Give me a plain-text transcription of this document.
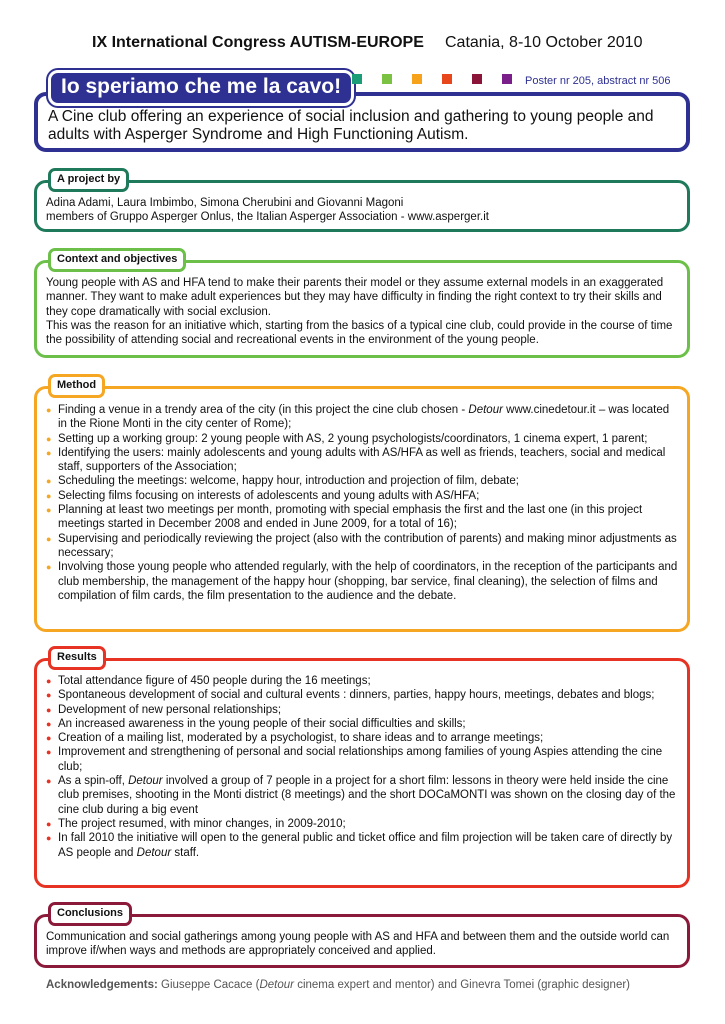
IX International Congress AUTISM-EUROPE Catania, 8-10 October 2010
Io speriamo che me la cavo!	Poster nr 205, abstract nr 506
A Cine club offering an experience of social inclusion and gathering to young people and adults with Asperger Syndrome and High Functioning Autism.
A project by
Adina Adami, Laura Imbimbo, Simona Cherubini and Giovanni Magoni
members of Gruppo Asperger Onlus, the Italian Asperger Association - www.asperger.it
Context and objectives
Young people with AS and HFA tend to make their parents their model or they assume external models in an exaggerated manner. They want to make adult experiences but they may have difficulty in finding the right context to try their skills and they cope dramatically with social exclusion.
This was the reason for an initiative which, starting from the basics of a typical cine club, could provide in the course of time the possibility of attending social and recreational events in the environment of the young people.
Method
● Finding a venue in a trendy area of the city (in this project the cine club chosen - Detour www.cinedetour.it – was located in the Rione Monti in the city center of Rome);
● Setting up a working group: 2 young people with AS, 2 young psychologists/coordinators, 1 cinema expert, 1 parent;
● Identifying the users: mainly adolescents and young adults with AS/HFA as well as friends, teachers, social and medical staff, supporters of the Association;
● Scheduling the meetings: welcome, happy hour, introduction and projection of film, debate;
● Selecting films focusing on interests of adolescents and young adults with AS/HFA;
● Planning at least two meetings per month, promoting with special emphasis the first and the last one (in this project meetings started in December 2008 and ended in June 2009, for a total of 16);
● Supervising and periodically reviewing the project (also with the contribution of parents) and making minor adjustments as necessary;
● Involving those young people who attended regularly, with the help of coordinators, in the reception of the participants and club membership, the management of the happy hour (shopping, bar service, final cleaning), the selection of films and compilation of film cards, the film presentation to the audience and the debate.
Results
● Total attendance figure of 450 people during the 16 meetings;
● Spontaneous development of social and cultural events : dinners, parties, happy hours, meetings, debates and blogs;
● Development of new personal relationships;
● An increased awareness in the young people of their social difficulties and skills;
● Creation of a mailing list, moderated by a psychologist, to share ideas and to arrange meetings;
● Improvement and strengthening of personal and social relationships among families of young Aspies attending the cine club;
● As a spin-off, Detour involved a group of 7 people in a project for a short film: lessons in theory were held inside the cine club premises, shooting in the Monti district (8 meetings) and the short DOCaMONTI was shown on the closing day of the cine club during a big event
● The project resumed, with minor changes, in 2009-2010;
● In fall 2010 the initiative will open to the general public and ticket office and film projection will be taken care of directly by AS people and Detour staff.
Conclusions
Communication and social gatherings among young people with AS and HFA and between them and the outside world can improve if/when ways and methods are appropriately conceived and applied.
Acknowledgements: Giuseppe Cacace (Detour cinema expert and mentor) and Ginevra Tomei (graphic designer)
